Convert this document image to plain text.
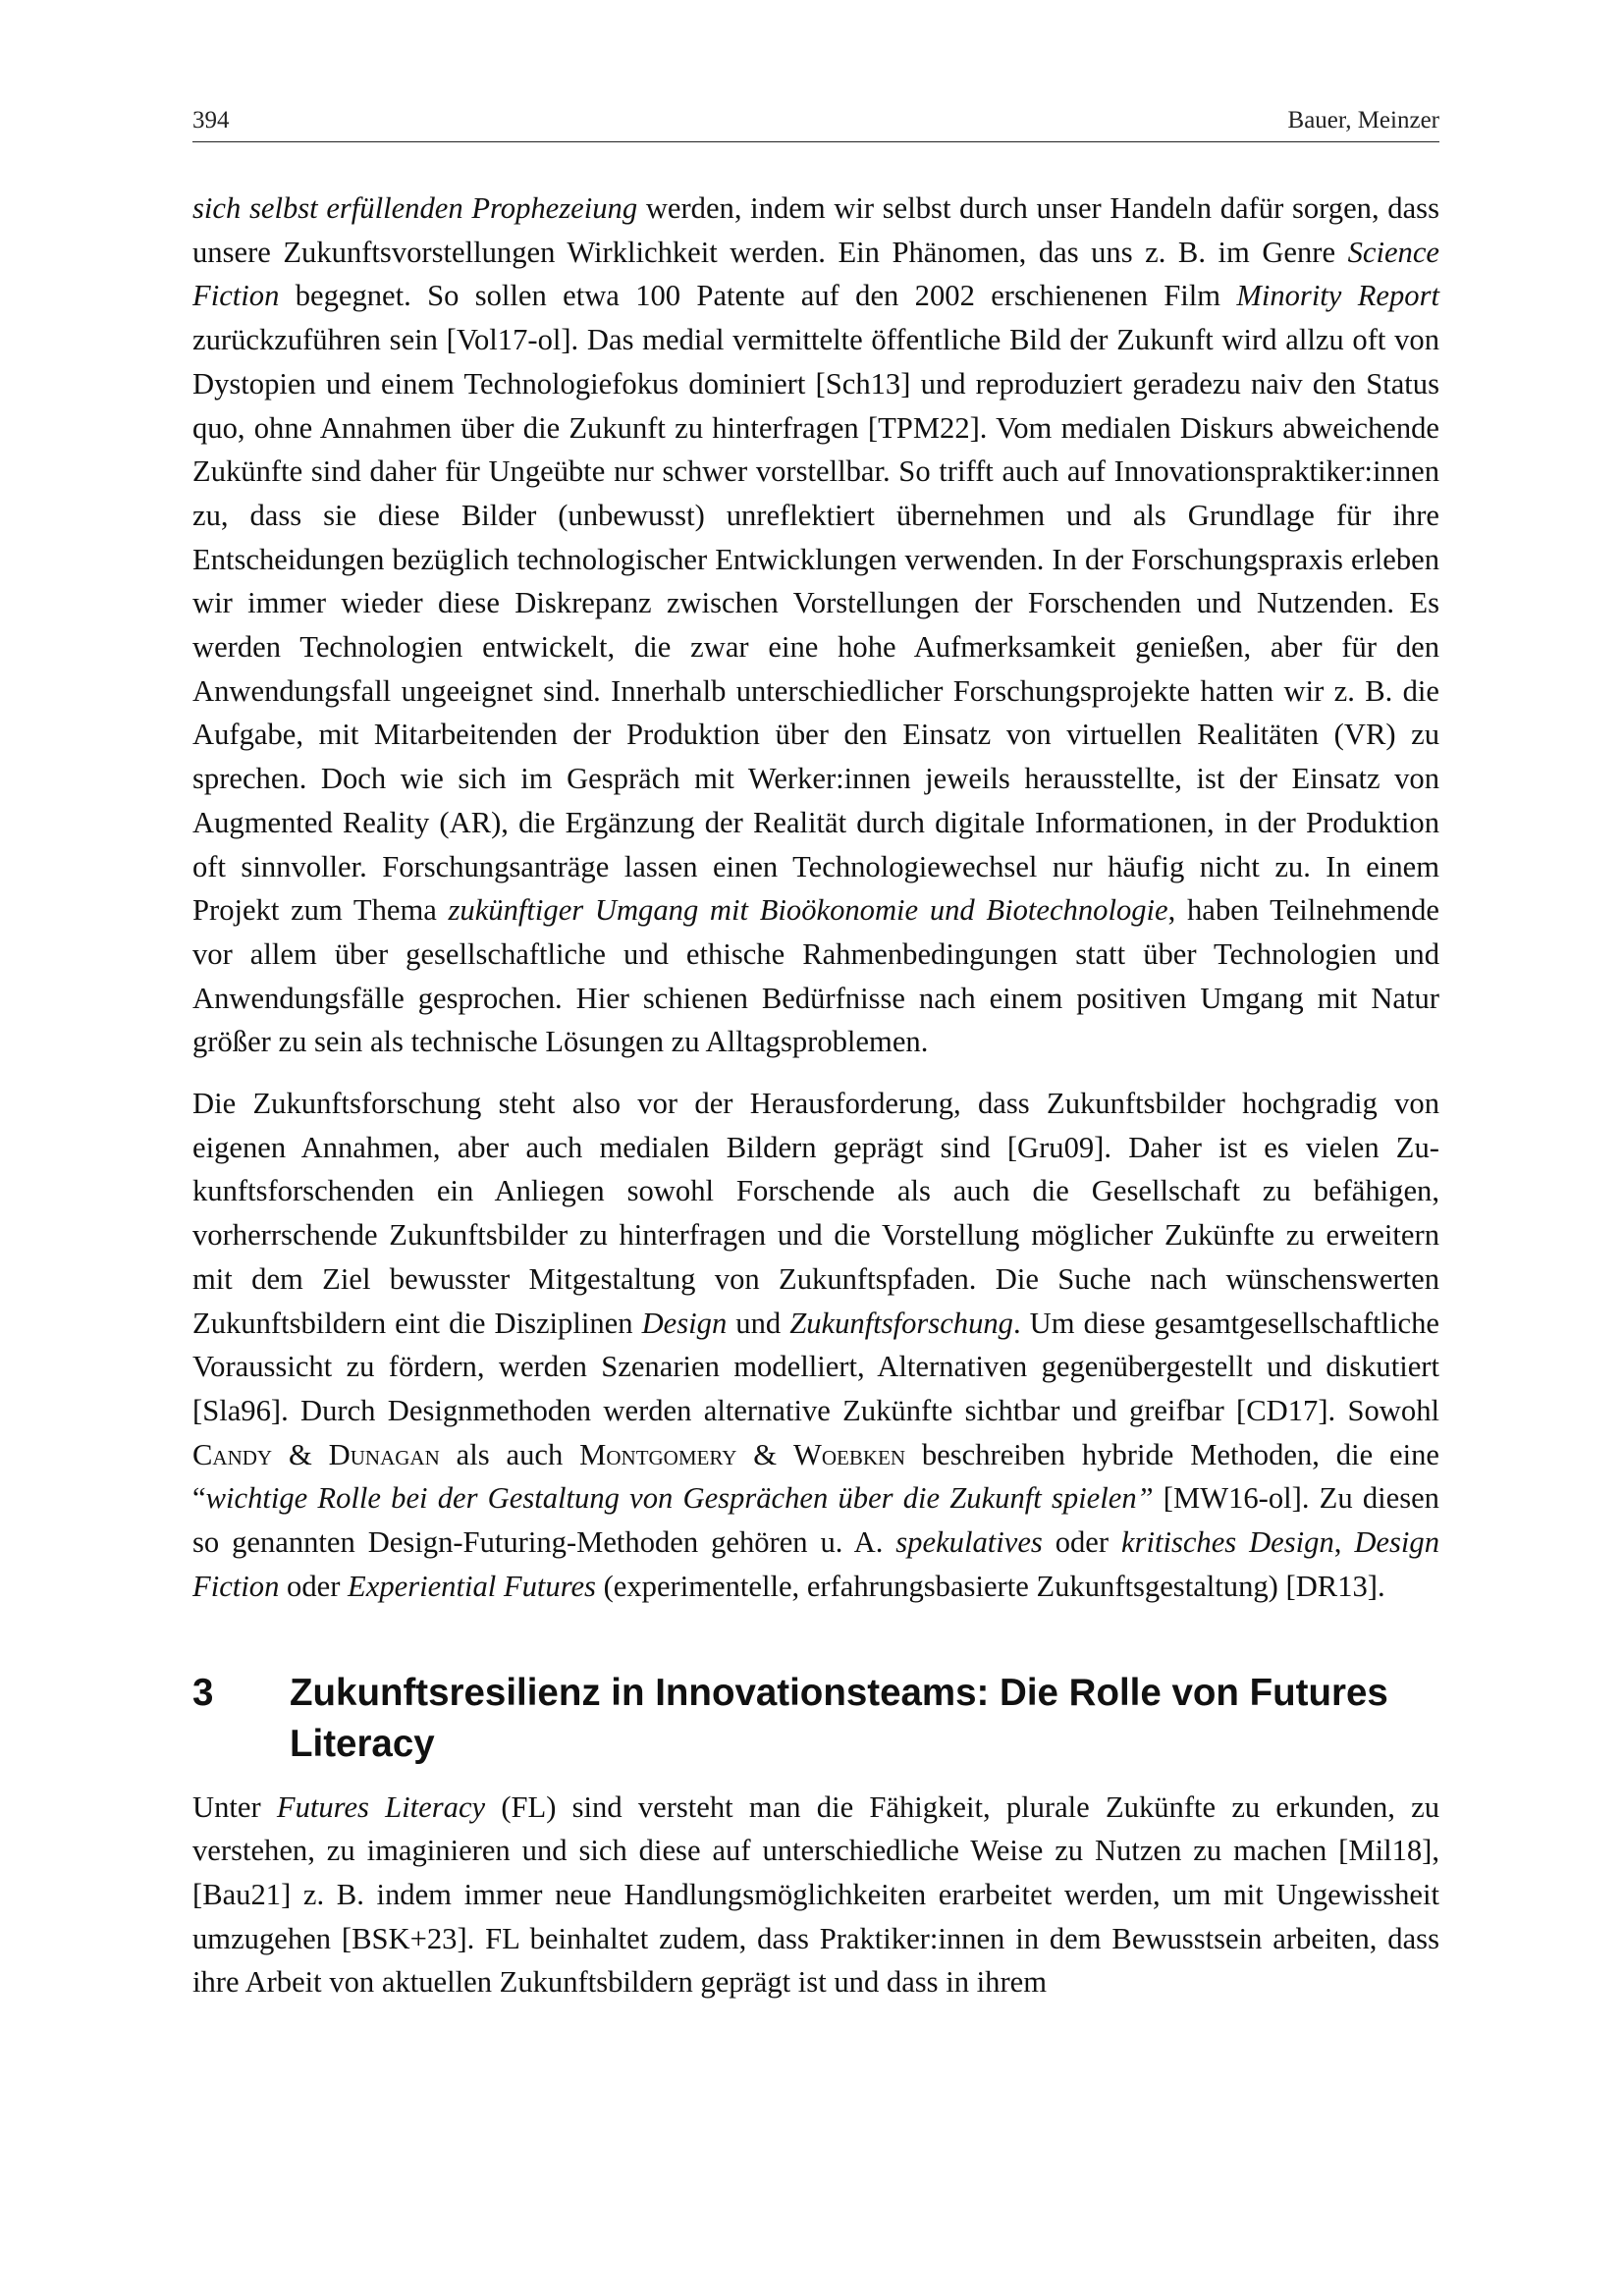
394	Bauer, Meinzer

sich selbst erfüllenden Prophezeiung werden, indem wir selbst durch unser Handeln dafür sorgen, dass unsere Zukunftsvorstellungen Wirklichkeit werden. Ein Phänomen, das uns z. B. im Genre Science Fiction begegnet. So sollen etwa 100 Patente auf den 2002 erschienenen Film Minority Report zurückzuführen sein [Vol17-ol]. Das medial vermittelte öffentliche Bild der Zukunft wird allzu oft von Dystopien und einem Technologiefokus dominiert [Sch13] und reproduziert geradezu naiv den Status quo, ohne Annahmen über die Zukunft zu hinterfragen [TPM22]. Vom medialen Diskurs abweichende Zukünfte sind daher für Ungeübte nur schwer vorstellbar. So trifft auch auf Innovationspraktiker:innen zu, dass sie diese Bilder (unbewusst) unreflektiert übernehmen und als Grundlage für ihre Entscheidungen bezüglich technologischer Entwicklungen verwenden. In der Forschungspraxis erleben wir immer wieder diese Diskrepanz zwischen Vorstellungen der Forschenden und Nutzenden. Es werden Technologien entwickelt, die zwar eine hohe Aufmerksamkeit genießen, aber für den Anwendungsfall ungeeignet sind. Innerhalb unterschiedlicher Forschungsprojekte hatten wir z. B. die Aufgabe, mit Mitarbeitenden der Produktion über den Einsatz von virtuellen Realitäten (VR) zu sprechen. Doch wie sich im Gespräch mit Werker:innen jeweils herausstellte, ist der Einsatz von Augmented Reality (AR), die Ergänzung der Realität durch digitale Informationen, in der Produktion oft sinnvoller. Forschungsanträge lassen einen Technologiewechsel nur häufig nicht zu. In einem Projekt zum Thema zukünftiger Umgang mit Bioökonomie und Biotechnologie, haben Teilnehmende vor allem über gesellschaftliche und ethische Rahmenbedingungen statt über Technologien und Anwendungsfälle gesprochen. Hier schienen Bedürfnisse nach einem positiven Umgang mit Natur größer zu sein als technische Lösungen zu Alltagsproblemen.

Die Zukunftsforschung steht also vor der Herausforderung, dass Zukunftsbilder hochgradig von eigenen Annahmen, aber auch medialen Bildern geprägt sind [Gru09]. Daher ist es vielen Zukunftsforschenden ein Anliegen sowohl Forschende als auch die Gesellschaft zu befähigen, vorherrschende Zukunftsbilder zu hinterfragen und die Vorstellung möglicher Zukünfte zu erweitern mit dem Ziel bewusster Mitgestaltung von Zukunftspfaden. Die Suche nach wünschenswerten Zukunftsbildern eint die Disziplinen Design und Zukunftsforschung. Um diese gesamtgesellschaftliche Voraussicht zu fördern, werden Szenarien modelliert, Alternativen gegenübergestellt und diskutiert [Sla96]. Durch Designmethoden werden alternative Zukünfte sichtbar und greifbar [CD17]. Sowohl Candy & Dunagan als auch Montgomery & Woebken beschreiben hybride Methoden, die eine “wichtige Rolle bei der Gestaltung von Gesprächen über die Zukunft spielen” [MW16-ol]. Zu diesen so genannten Design-Futuring-Methoden gehören u. A. spekulatives oder kritisches Design, Design Fiction oder Experiential Futures (experimentelle, erfahrungsbasierte Zukunftsgestaltung) [DR13].

3	Zukunftsresilienz in Innovationsteams: Die Rolle von Futures Literacy

Unter Futures Literacy (FL) sind versteht man die Fähigkeit, plurale Zukünfte zu erkunden, zu verstehen, zu imaginieren und sich diese auf unterschiedliche Weise zu Nutzen zu machen [Mil18], [Bau21] z. B. indem immer neue Handlungsmöglichkeiten erarbeitet werden, um mit Ungewissheit umzugehen [BSK+23]. FL beinhaltet zudem, dass Praktiker:innen in dem Bewusstsein arbeiten, dass ihre Arbeit von aktuellen Zukunftsbildern geprägt ist und dass in ihrem
